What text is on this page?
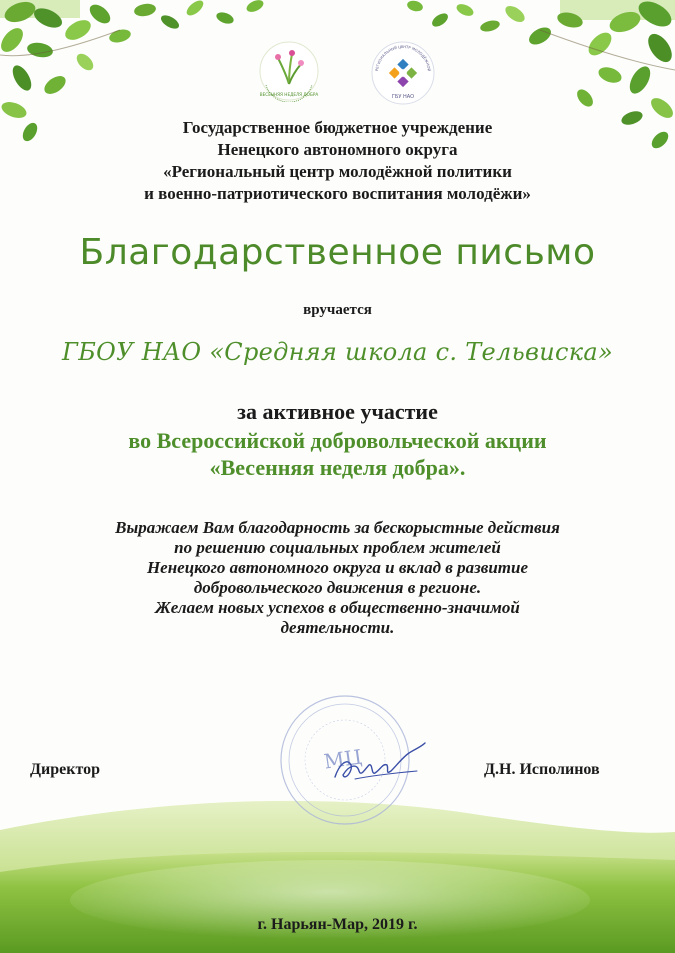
ВЕСЕННЯЯ НЕДЕЛЯ ДОБРА
РЕГИОНАЛЬНЫЙ ЦЕНТР МОЛОДЁЖНОЙ
ГБУ НАО
Государственное бюджетное учреждение
Ненецкого автономного округа
«Региональный центр молодёжной политики
и военно-патриотического воспитания молодёжи»
Благодарственное письмо
вручается
ГБОУ НАО «Средняя школа с. Тельвиска»
за активное участие
во Всероссийской добровольческой акции
«Весенняя неделя добра».
Выражаем Вам благодарность за бескорыстные действия
по решению социальных проблем жителей
Ненецкого автономного округа и вклад в развитие
добровольческого движения в регионе.
Желаем новых успехов в общественно-значимой
деятельности.
МЦ
Директор	Д.Н. Исполинов
г. Нарьян-Мар, 2019 г.
